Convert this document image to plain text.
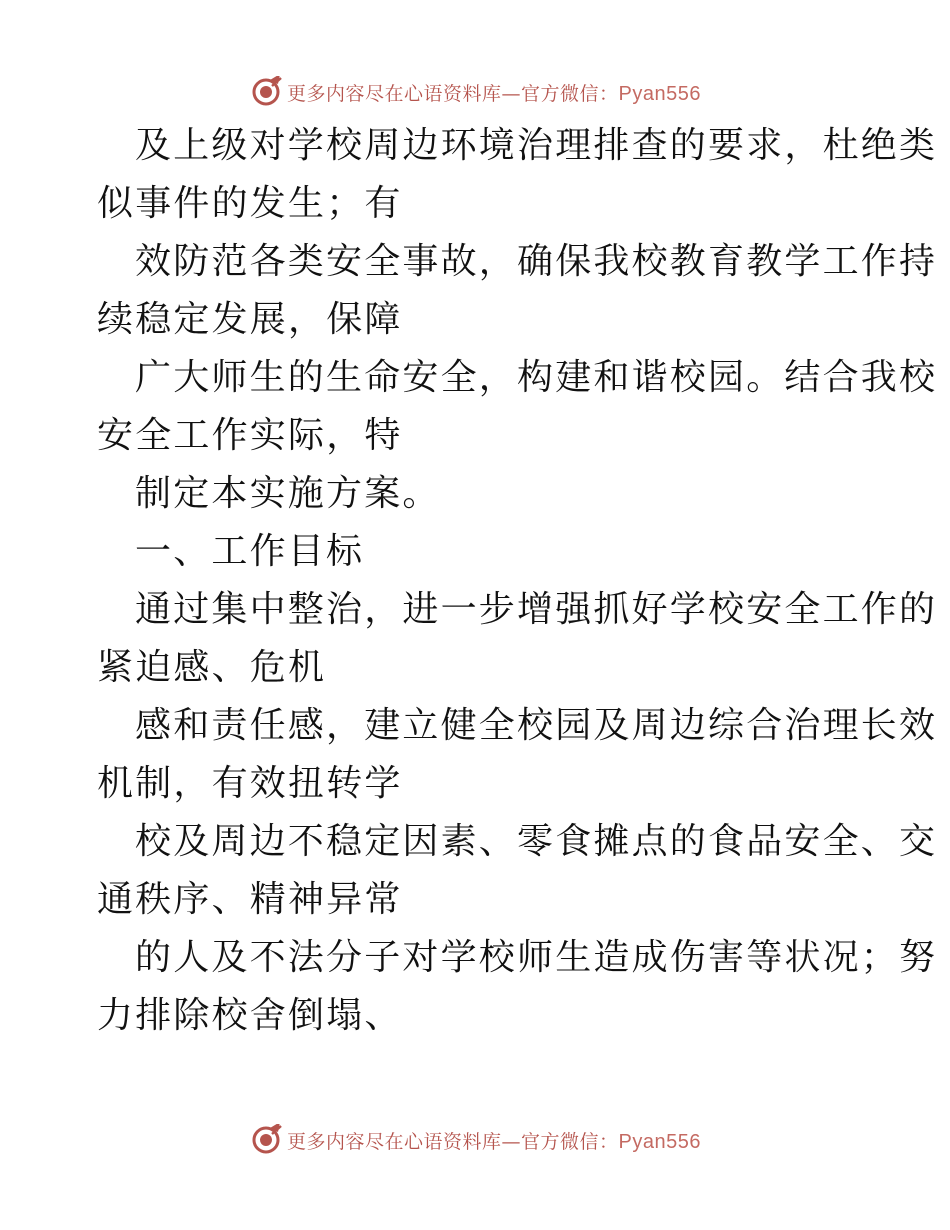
更多内容尽在心语资料库—官方微信：Pyan556
及上级对学校周边环境治理排查的要求，杜绝类
似事件的发生；有
效防范各类安全事故，确保我校教育教学工作持
续稳定发展，保障
广大师生的生命安全，构建和谐校园。结合我校
安全工作实际，特
制定本实施方案。
一、工作目标
通过集中整治，进一步增强抓好学校安全工作的
紧迫感、危机
感和责任感，建立健全校园及周边综合治理长效
机制，有效扭转学
校及周边不稳定因素、零食摊点的食品安全、交
通秩序、精神异常
的人及不法分子对学校师生造成伤害等状况；努
力排除校舍倒塌、
更多内容尽在心语资料库—官方微信：Pyan556
